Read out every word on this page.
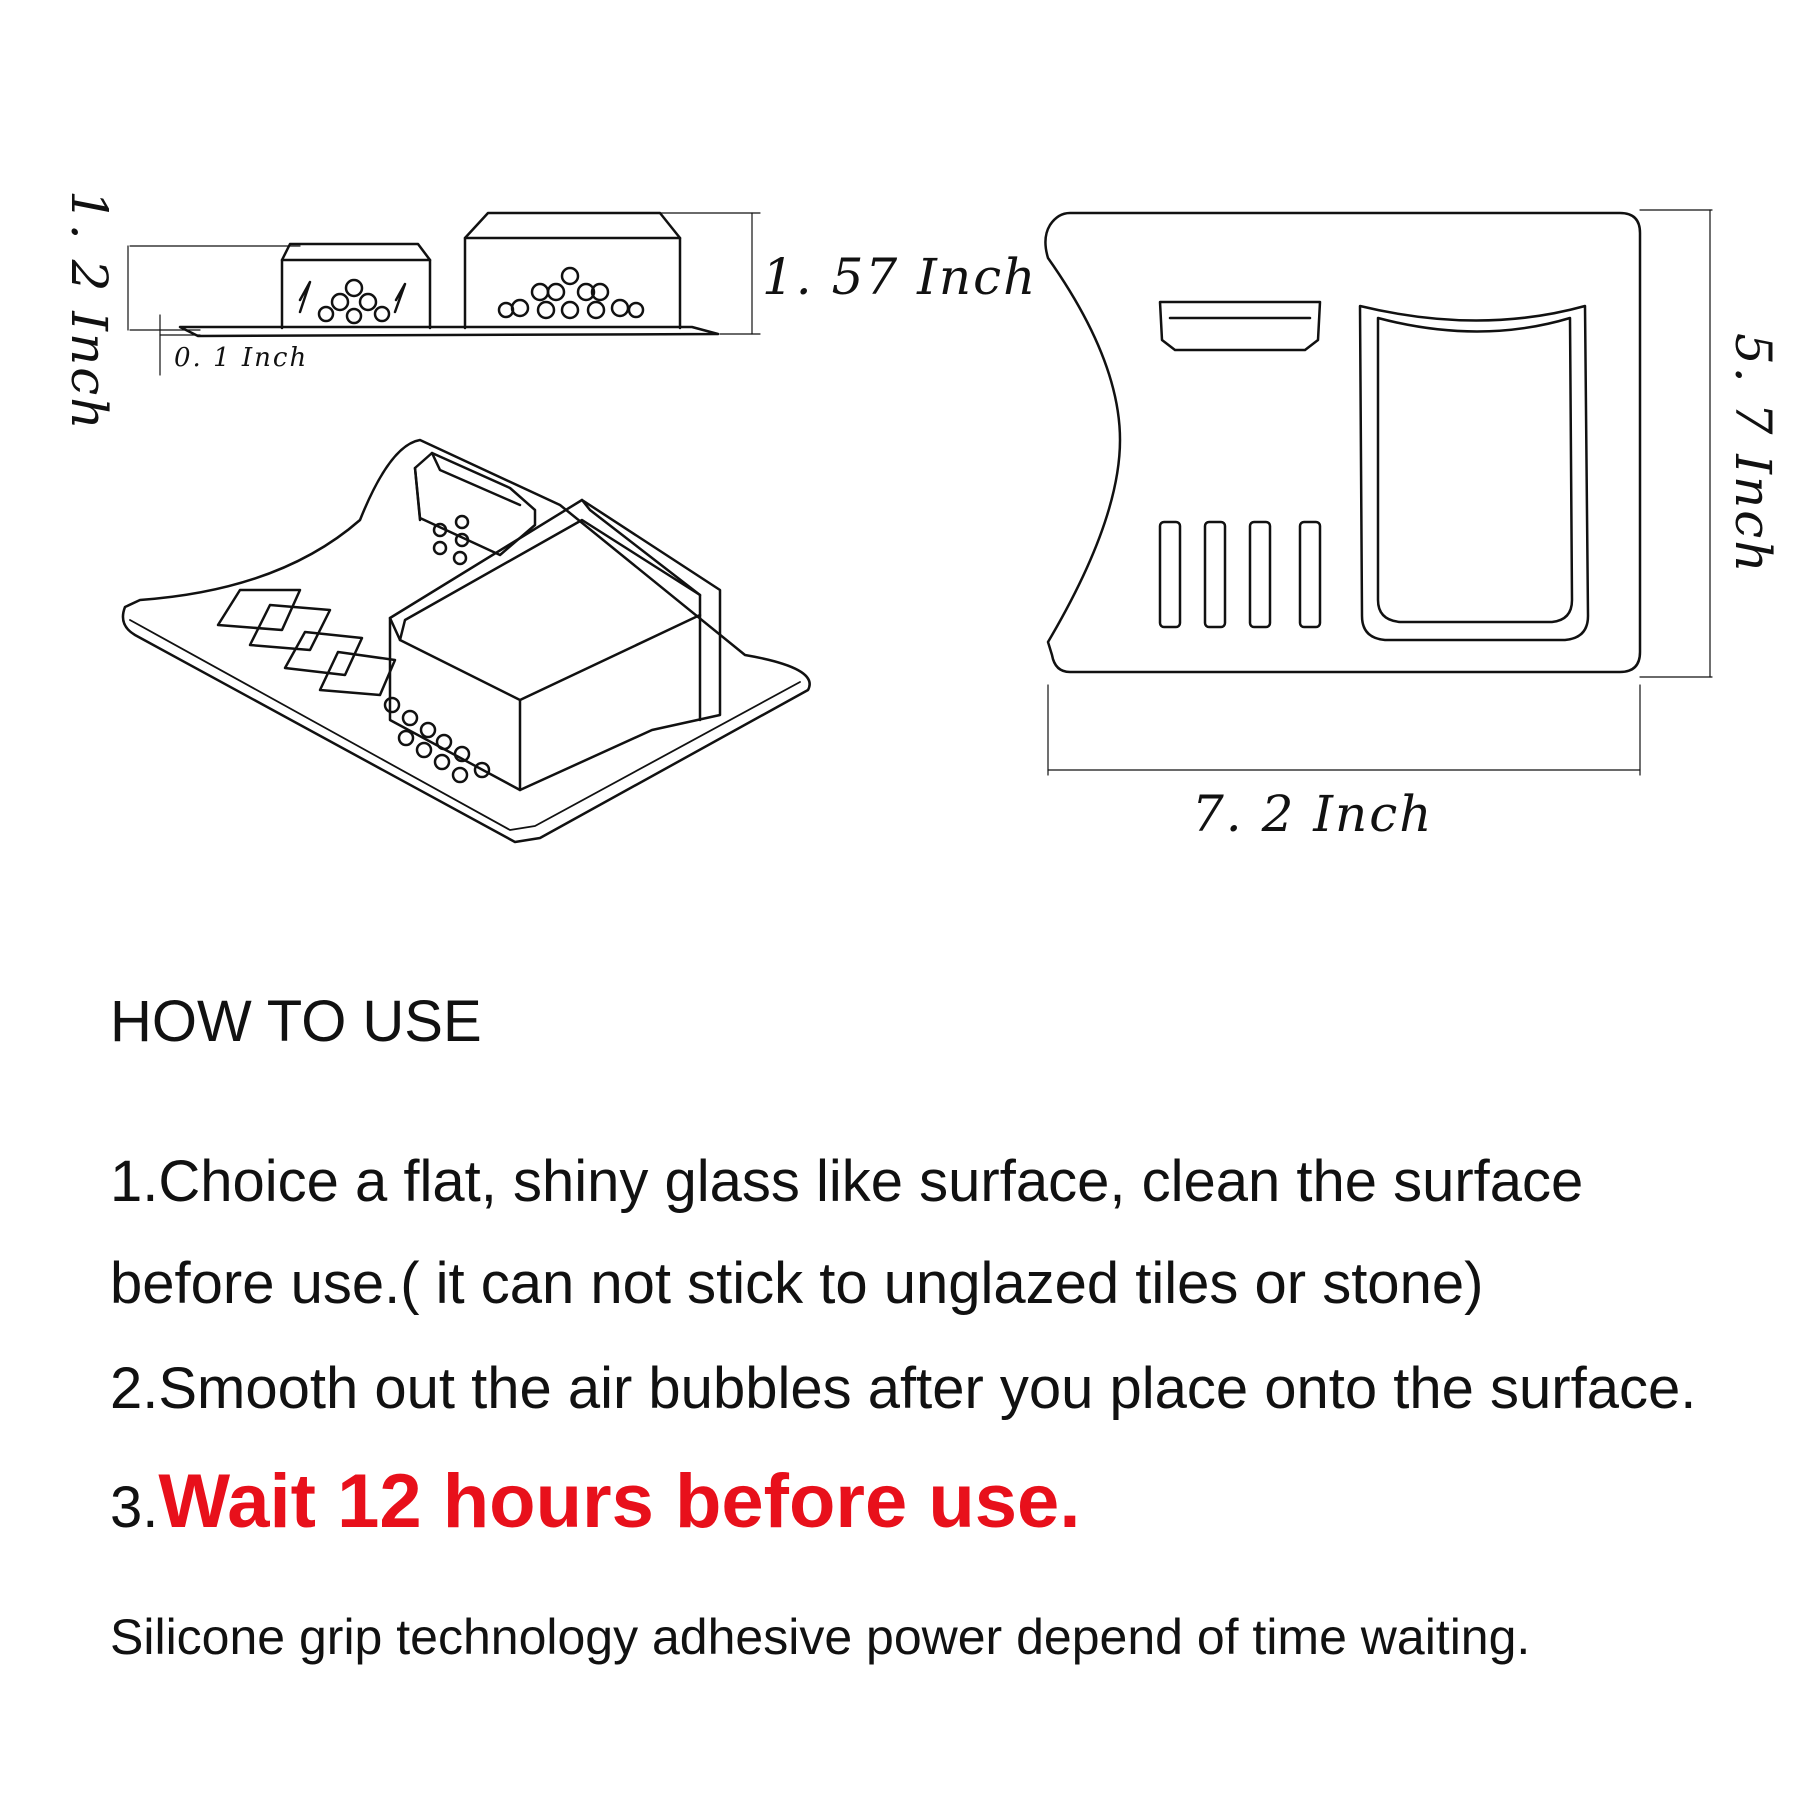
1. 2 Inch	1. 57 Inch
0. 1 Inch	5. 7 Inch
7. 2 Inch
HOW TO USE
1.Choice a flat, shiny glass like surface, clean the surface
before use.( it can not stick to unglazed tiles or stone)
2.Smooth out the air bubbles after you place onto the surface.
3.Wait 12 hours before use.
Silicone grip technology adhesive power depend of time waiting.
